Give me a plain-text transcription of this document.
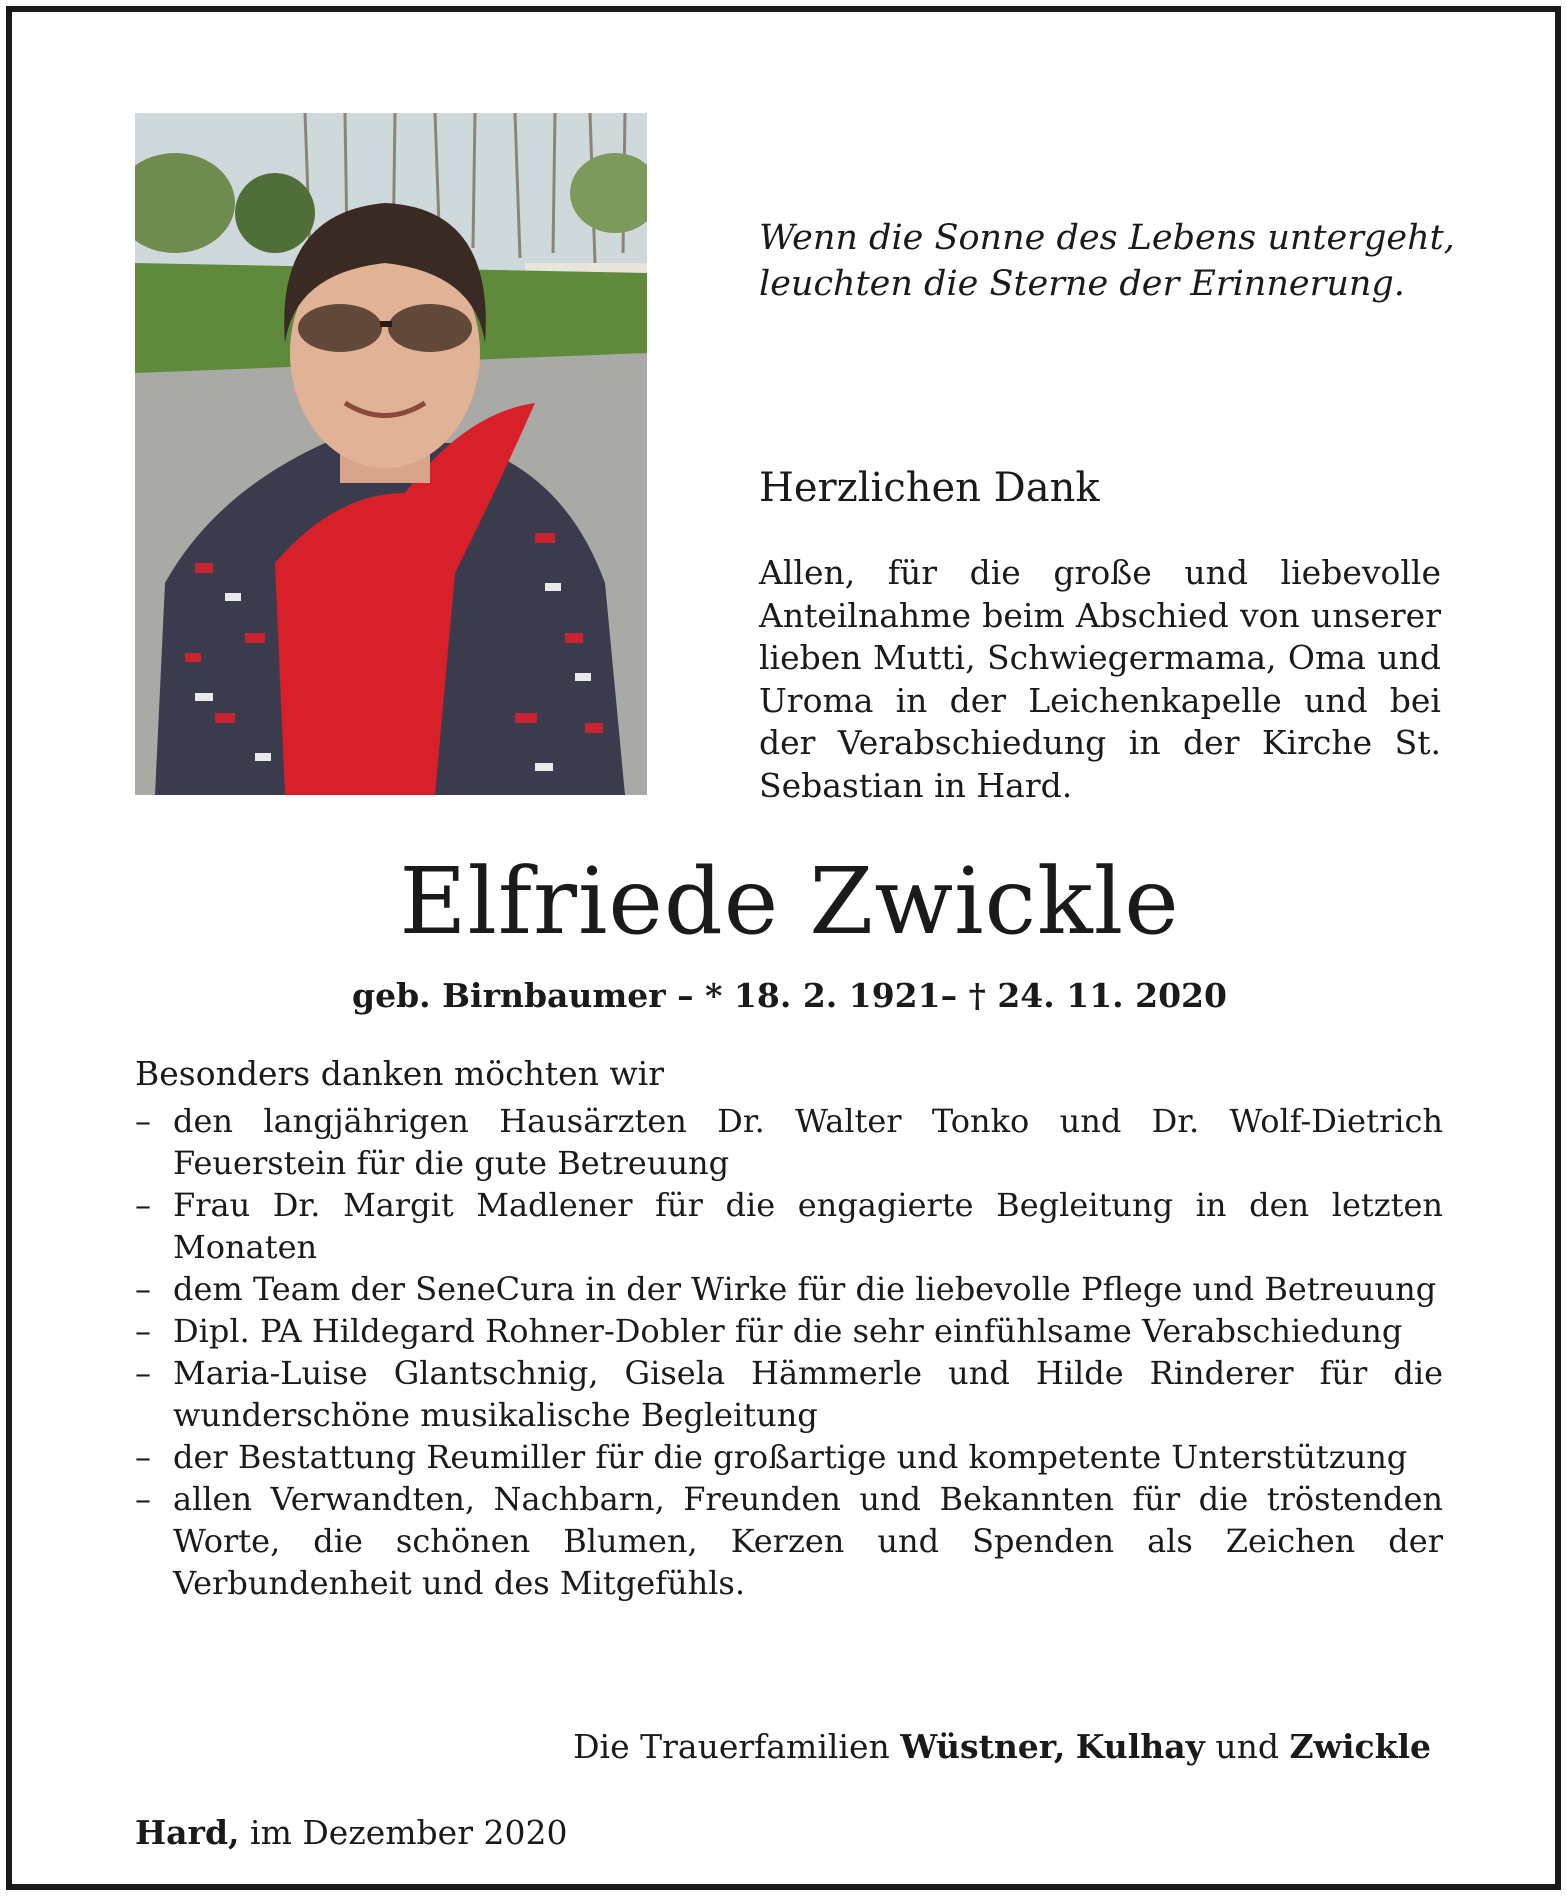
Wenn die Sonne des Lebens untergeht,
leuchten die Sterne der Erinnerung.
Herzlichen Dank

Allen, für die große und liebevolle Anteilnahme beim Abschied von unserer lieben Mutti, Schwiegermama, Oma und Uroma in der Leichenkapelle und bei der Verabschiedung in der Kirche St. Sebastian in Hard.

Elfriede Zwickle
geb. Birnbaumer – * 18. 2. 1921– † 24. 11. 2020
Besonders danken möchten wir
– den langjährigen Hausärzten Dr. Walter Tonko und Dr. Wolf-Dietrich Feuerstein für die gute Betreuung
– Frau Dr. Margit Madlener für die engagierte Begleitung in den letzten Monaten
– dem Team der SeneCura in der Wirke für die liebevolle Pflege und Betreuung
– Dipl. PA Hildegard Rohner-Dobler für die sehr einfühlsame Verabschiedung
– Maria-Luise Glantschnig, Gisela Hämmerle und Hilde Rinderer für die wunderschöne musikalische Begleitung
– der Bestattung Reumiller für die großartige und kompetente Unterstützung
– allen Verwandten, Nachbarn, Freunden und Bekannten für die tröstenden Worte, die schönen Blumen, Kerzen und Spenden als Zeichen der Verbundenheit und des Mitgefühls.
Die Trauerfamilien Wüstner, Kulhay und Zwickle
Hard, im Dezember 2020
